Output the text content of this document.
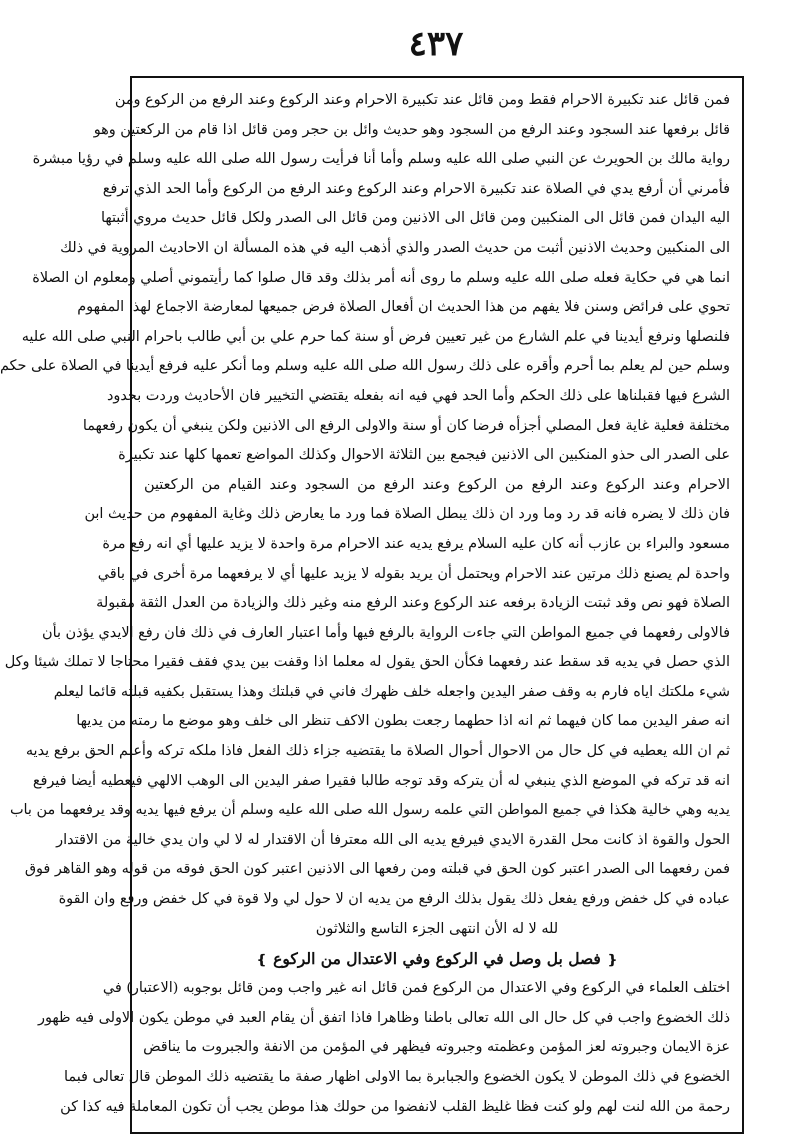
٤٣٧
فمن قائل عند تكبيرة الاحرام فقط ومن قائل عند تكبيرة الاحرام وعند الركوع وعند الرفع من الركوع ومن
قائل برفعها عند السجود وعند الرفع من السجود وهو حديث وائل بن حجر ومن قائل اذا قام من الركعتين وهو
رواية مالك بن الحويرث عن النبي صلى الله عليه وسلم وأما أنا فرأيت رسول الله صلى الله عليه وسلم في رؤيا مبشرة
فأمرني أن أرفع يدي في الصلاة عند تكبيرة الاحرام وعند الركوع وعند الرفع من الركوع وأما الحد الذي ترفع
اليه اليدان فمن قائل الى المنكبين ومن قائل الى الاذنين ومن قائل الى الصدر ولكل قائل حديث مروي أثبتها
الى المنكبين وحديث الاذنين أثبت من حديث الصدر والذي أذهب اليه في هذه المسألة ان الاحاديث المروية في ذلك
انما هي في حكاية فعله صلى الله عليه وسلم ما روى أنه أمر بذلك وقد قال صلوا كما رأيتموني أصلي ومعلوم ان الصلاة
تحوي على فرائض وسنن فلا يفهم من هذا الحديث ان أفعال الصلاة فرض جميعها لمعارضة الاجماع لهذا المفهوم
فلنصلها ونرفع أيدينا في علم الشارع من غير تعيين فرض أو سنة كما حرم علي بن أبي طالب باحرام النبي صلى الله عليه
وسلم حين لم يعلم بما أحرم وأقره على ذلك رسول الله صلى الله عليه وسلم وما أنكر عليه فرفع أيدينا في الصلاة على حكم
الشرع فيها فقبلناها على ذلك الحكم وأما الحد فهي فيه انه بفعله يقتضي التخيير فان الأحاديث وردت بحدود
مختلفة فعلية غاية فعل المصلي أجزأه فرضا كان أو سنة والاولى الرفع الى الاذنين ولكن ينبغي أن يكون رفعهما
على الصدر الى حذو المنكبين الى الاذنين فيجمع بين الثلاثة الاحوال وكذلك المواضع تعمها كلها عند تكبيرة
الاحرام وعند الركوع وعند الرفع من الركوع وعند الرفع من السجود وعند القيام من الركعتين
فان ذلك لا يضره فانه قد رد وما ورد ان ذلك يبطل الصلاة فما ورد ما يعارض ذلك وغاية المفهوم من حديث ابن
مسعود والبراء بن عازب أنه كان عليه السلام يرفع يديه عند الاحرام مرة واحدة لا يزيد عليها أي انه رفع مرة
واحدة لم يصنع ذلك مرتين عند الاحرام ويحتمل أن يريد بقوله لا يزيد عليها أي لا يرفعهما مرة أخرى في باقي
الصلاة فهو نص وقد ثبتت الزيادة برفعه عند الركوع وعند الرفع منه وغير ذلك والزيادة من العدل الثقة مقبولة
فالاولى رفعهما في جميع المواطن التي جاءت الرواية بالرفع فيها وأما اعتبار العارف في ذلك فان رفع الايدي يؤذن بأن
الذي حصل في يديه قد سقط عند رفعهما فكأن الحق يقول له معلما اذا وقفت بين يدي فقف فقيرا محتاجا لا تملك شيئا وكل
شيء ملكتك اياه فارم به وقف صفر اليدين واجعله خلف ظهرك فاني في قبلتك وهذا يستقبل بكفيه قبلته قائما ليعلم
انه صفر اليدين مما كان فيهما ثم انه اذا حطهما رجعت بطون الاكف تنظر الى خلف وهو موضع ما رمته من يديها
ثم ان الله يعطيه في كل حال من الاحوال أحوال الصلاة ما يقتضيه جزاء ذلك الفعل فاذا ملكه تركه وأعلم الحق برفع يديه
انه قد تركه في الموضع الذي ينبغي له أن يتركه وقد توجه طالبا فقيرا صفر اليدين الى الوهب الالهي فيعطيه أيضا فيرفع
يديه وهي خالية هكذا في جميع المواطن التي علمه رسول الله صلى الله عليه وسلم أن يرفع فيها يديه وقد يرفعهما من باب
الحول والقوة اذ كانت محل القدرة الايدي فيرفع يديه الى الله معترفا أن الاقتدار له لا لي وان يدي خالية من الاقتدار
فمن رفعهما الى الصدر اعتبر كون الحق في قبلته ومن رفعها الى الاذنين اعتبر كون الحق فوقه من قوله وهو القاهر فوق
عباده في كل خفض ورفع يفعل ذلك يقول بذلك الرفع من يديه ان لا حول لي ولا قوة في كل خفض ورفع وان القوة
لله لا له الأن انتهى الجزء التاسع والثلاثون
❴فصل بل وصل في الركوع وفي الاعتدال من الركوع❵
اختلف العلماء في الركوع وفي الاعتدال من الركوع فمن قائل انه غير واجب ومن قائل بوجوبه (الاعتبار) في
ذلك الخضوع واجب في كل حال الى الله تعالى باطنا وظاهرا فاذا اتفق أن يقام العبد في موطن يكون الاولى فيه ظهور
عزة الايمان وجبروته لعز المؤمن وعظمته وجبروته فيظهر في المؤمن من الانفة والجبروت ما يناقض
الخضوع في ذلك الموطن لا يكون الخضوع والجبابرة بما الاولى اظهار صفة ما يقتضيه ذلك الموطن قال تعالى فبما
رحمة من الله لنت لهم ولو كنت فظا غليظ القلب لانفضوا من حولك هذا موطن يجب أن تكون المعاملة فيه كذا كن
